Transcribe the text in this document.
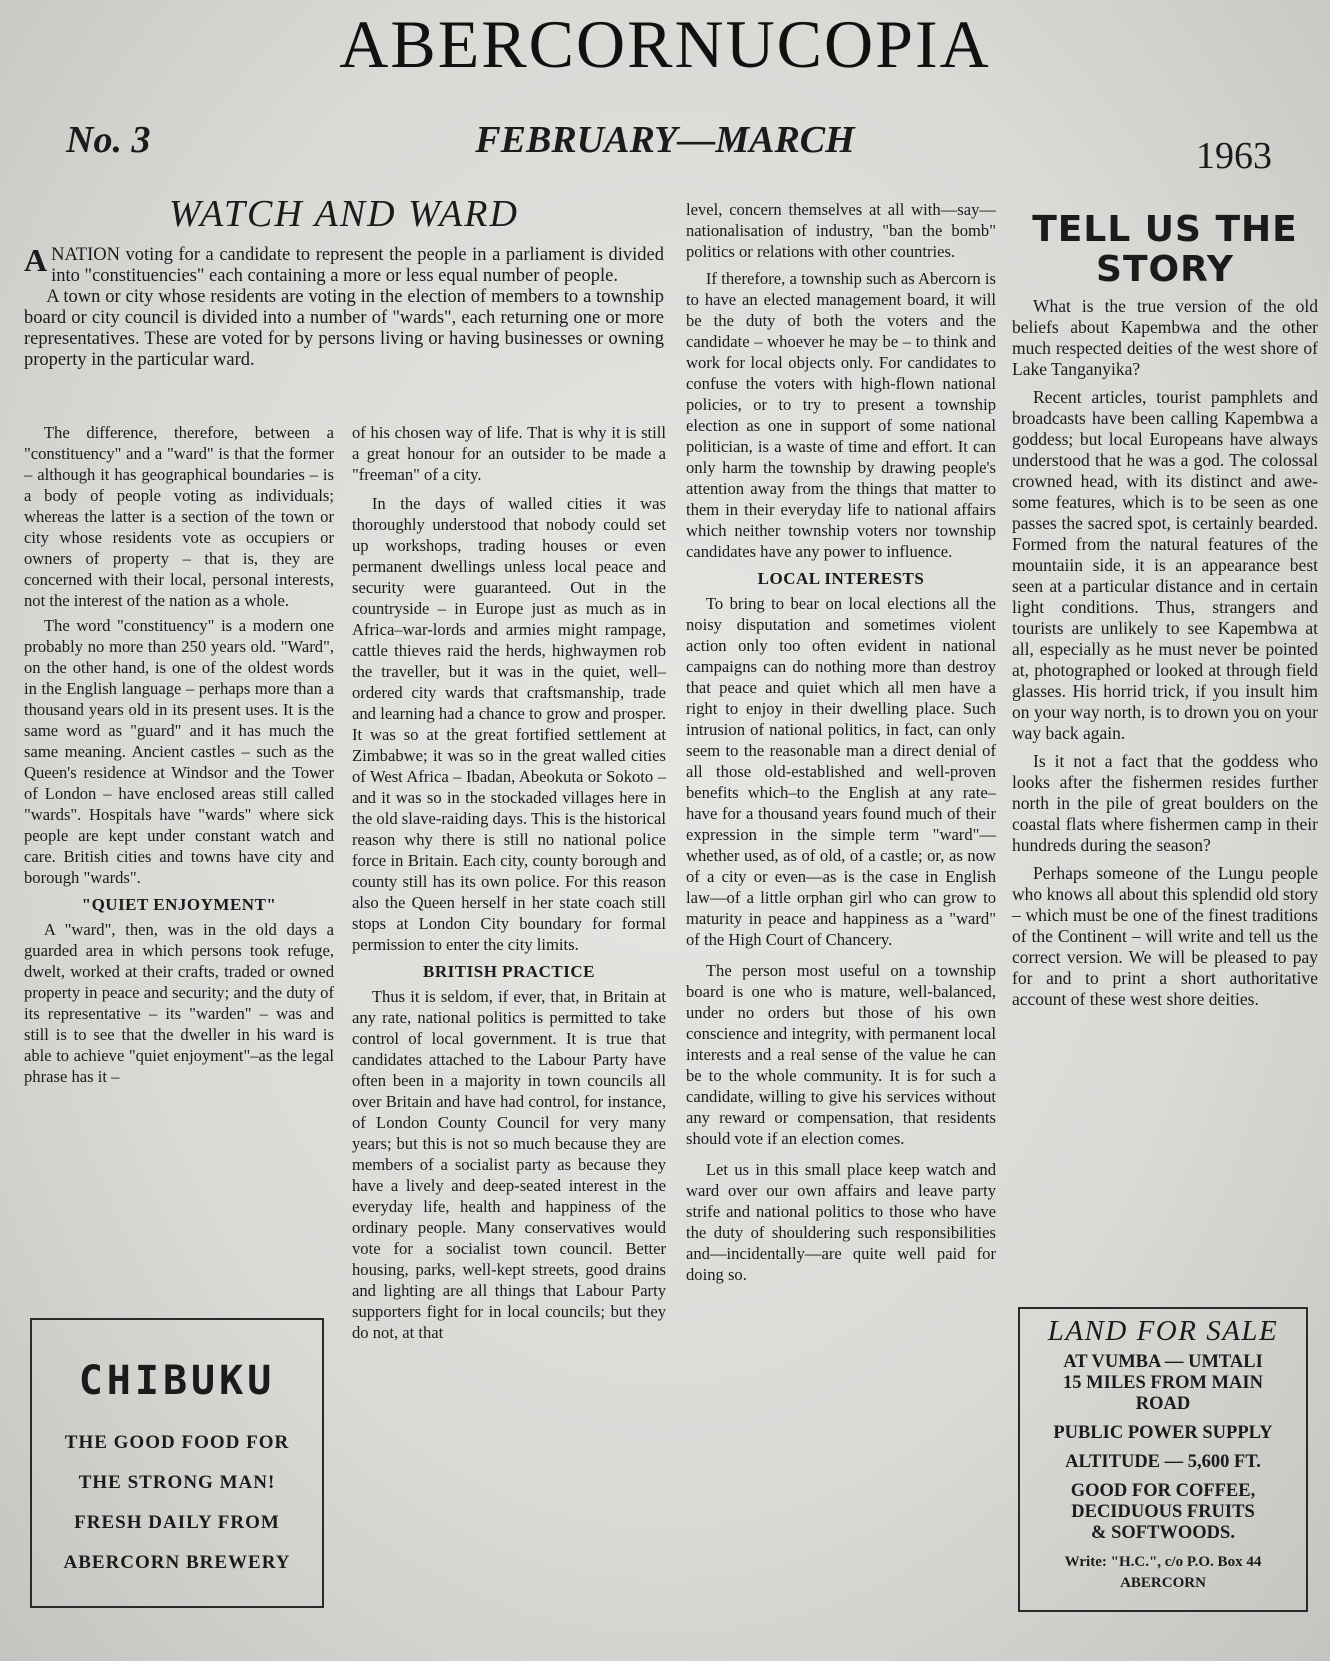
ABERCORNUCOPIA
No. 3	FEBRUARY—MARCH	1963
WATCH AND WARD
A NATION voting for a candidate to represent the people in a parliament is divided into "constituencies" each containing a more or less equal number of people.

A town or city whose residents are voting in the election of members to a township board or city council is divided into a number of "wards", each returning one or more representatives. These are voted for by persons living or having businesses or owning property in the particular ward.

The difference, therefore, between a "constituency" and a "ward" is that the former – although it has geographical boundaries – is a body of people voting as individuals; whereas the latter is a section of the town or city whose residents vote as occupiers or owners of property – that is, they are concerned with their local, personal interests, not the interest of the nation as a whole.

The word "constituency" is a modern one probably no more than 250 years old. "Ward", on the other hand, is one of the oldest words in the English language – perhaps more than a thousand years old in its present uses. It is the same word as "guard" and it has much the same meaning. Ancient castles – such as the Queen's residence at Windsor and the Tower of London – have enclosed areas still called "wards". Hospitals have "wards" where sick people are kept under constant watch and care. British cities and towns have city and borough "wards".

"QUIET ENJOYMENT"

A "ward", then, was in the old days a guarded area in which persons took refuge, dwelt, worked at their crafts, traded or owned property in peace and security; and the duty of its representative – its "warden" – was and still is to see that the dweller in his ward is able to achieve "quiet enjoyment"–as the legal phrase has it –

CHIBUKU
THE GOOD FOOD FOR
THE STRONG MAN!
FRESH DAILY FROM
ABERCORN BREWERY

of his chosen way of life. That is why it is still a great honour for an outsider to be made a "freeman" of a city.

In the days of walled cities it was thoroughly understood that nobody could set up workshops, trading houses or even permanent dwellings unless local peace and security were guaranteed. Out in the countryside – in Europe just as much as in Africa–war-lords and armies might rampage, cattle thieves raid the herds, highwaymen rob the traveller, but it was in the quiet, well–ordered city wards that craftsmanship, trade and learning had a chance to grow and prosper. It was so at the great fortified settlement at Zimbabwe; it was so in the great walled cities of West Africa – Ibadan, Abeokuta or Sokoto – and it was so in the stockaded villages here in the old slave-raiding days. This is the historical reason why there is still no national police force in Britain. Each city, county borough and county still has its own police. For this reason also the Queen herself in her state coach still stops at London City boundary for formal permission to enter the city limits.

BRITISH PRACTICE

Thus it is seldom, if ever, that, in Britain at any rate, national politics is permitted to take control of local government. It is true that candidates attached to the Labour Party have often been in a majority in town councils all over Britain and have had control, for instance, of London County Council for very many years; but this is not so much because they are members of a socialist party as because they have a lively and deep-seated interest in the everyday life, health and happiness of the ordinary people. Many conservatives would vote for a socialist town council. Better housing, parks, well-kept streets, good drains and lighting are all things that Labour Party supporters fight for in local councils; but they do not, at that

level, concern themselves at all with—say—nationalisation of industry, "ban the bomb" politics or relations with other countries.

If therefore, a township such as Abercorn is to have an elected management board, it will be the duty of both the voters and the candidate – whoever he may be – to think and work for local objects only. For candidates to confuse the voters with high-flown national policies, or to try to present a township election as one in support of some national politician, is a waste of time and effort. It can only harm the township by drawing people's attention away from the things that matter to them in their everyday life to national affairs which neither township voters nor township candidates have any power to influence.

LOCAL INTERESTS

To bring to bear on local elections all the noisy disputation and sometimes violent action only too often evident in national campaigns can do nothing more than destroy that peace and quiet which all men have a right to enjoy in their dwelling place. Such intrusion of national politics, in fact, can only seem to the reasonable man a direct denial of all those old-established and well-proven benefits which–to the English at any rate–have for a thousand years found much of their expression in the simple term "ward"—whether used, as of old, of a castle; or, as now of a city or even—as is the case in English law—of a little orphan girl who can grow to maturity in peace and happiness as a "ward" of the High Court of Chancery.

The person most useful on a township board is one who is mature, well-balanced, under no orders but those of his own conscience and integrity, with permanent local interests and a real sense of the value he can be to the whole community. It is for such a candidate, willing to give his services without any reward or compensation, that residents should vote if an election comes.

Let us in this small place keep watch and ward over our own affairs and leave party strife and national politics to those who have the duty of shouldering such responsibilities and—incidentally—are quite well paid for doing so.

TELL US THE
STORY

What is the true version of the old beliefs about Kapembwa and the other much respected deities of the west shore of Lake Tanganyika?

Recent articles, tourist pamphlets and broadcasts have been calling Kapembwa a goddess; but local Europeans have always understood that he was a god. The colossal crowned head, with its distinct and awe-some features, which is to be seen as one passes the sacred spot, is certainly bearded. Formed from the natural features of the mountaiin side, it is an appearance best seen at a particular distance and in certain light conditions. Thus, strangers and tourists are unlikely to see Kapembwa at all, especially as he must never be pointed at, photographed or looked at through field glasses. His horrid trick, if you insult him on your way north, is to drown you on your way back again.

Is it not a fact that the goddess who looks after the fishermen resides further north in the pile of great boulders on the coastal flats where fishermen camp in their hundreds during the season?

Perhaps someone of the Lungu people who knows all about this splendid old story – which must be one of the finest traditions of the Continent – will write and tell us the correct version. We will be pleased to pay for and to print a short authoritative account of these west shore deities.

LAND FOR SALE
AT VUMBA — UMTALI
15 MILES FROM MAIN
ROAD
PUBLIC POWER SUPPLY
ALTITUDE — 5,600 FT.
GOOD FOR COFFEE,
DECIDUOUS FRUITS
& SOFTWOODS.
Write: "H.C.", c/o P.O. Box 44
ABERCORN
